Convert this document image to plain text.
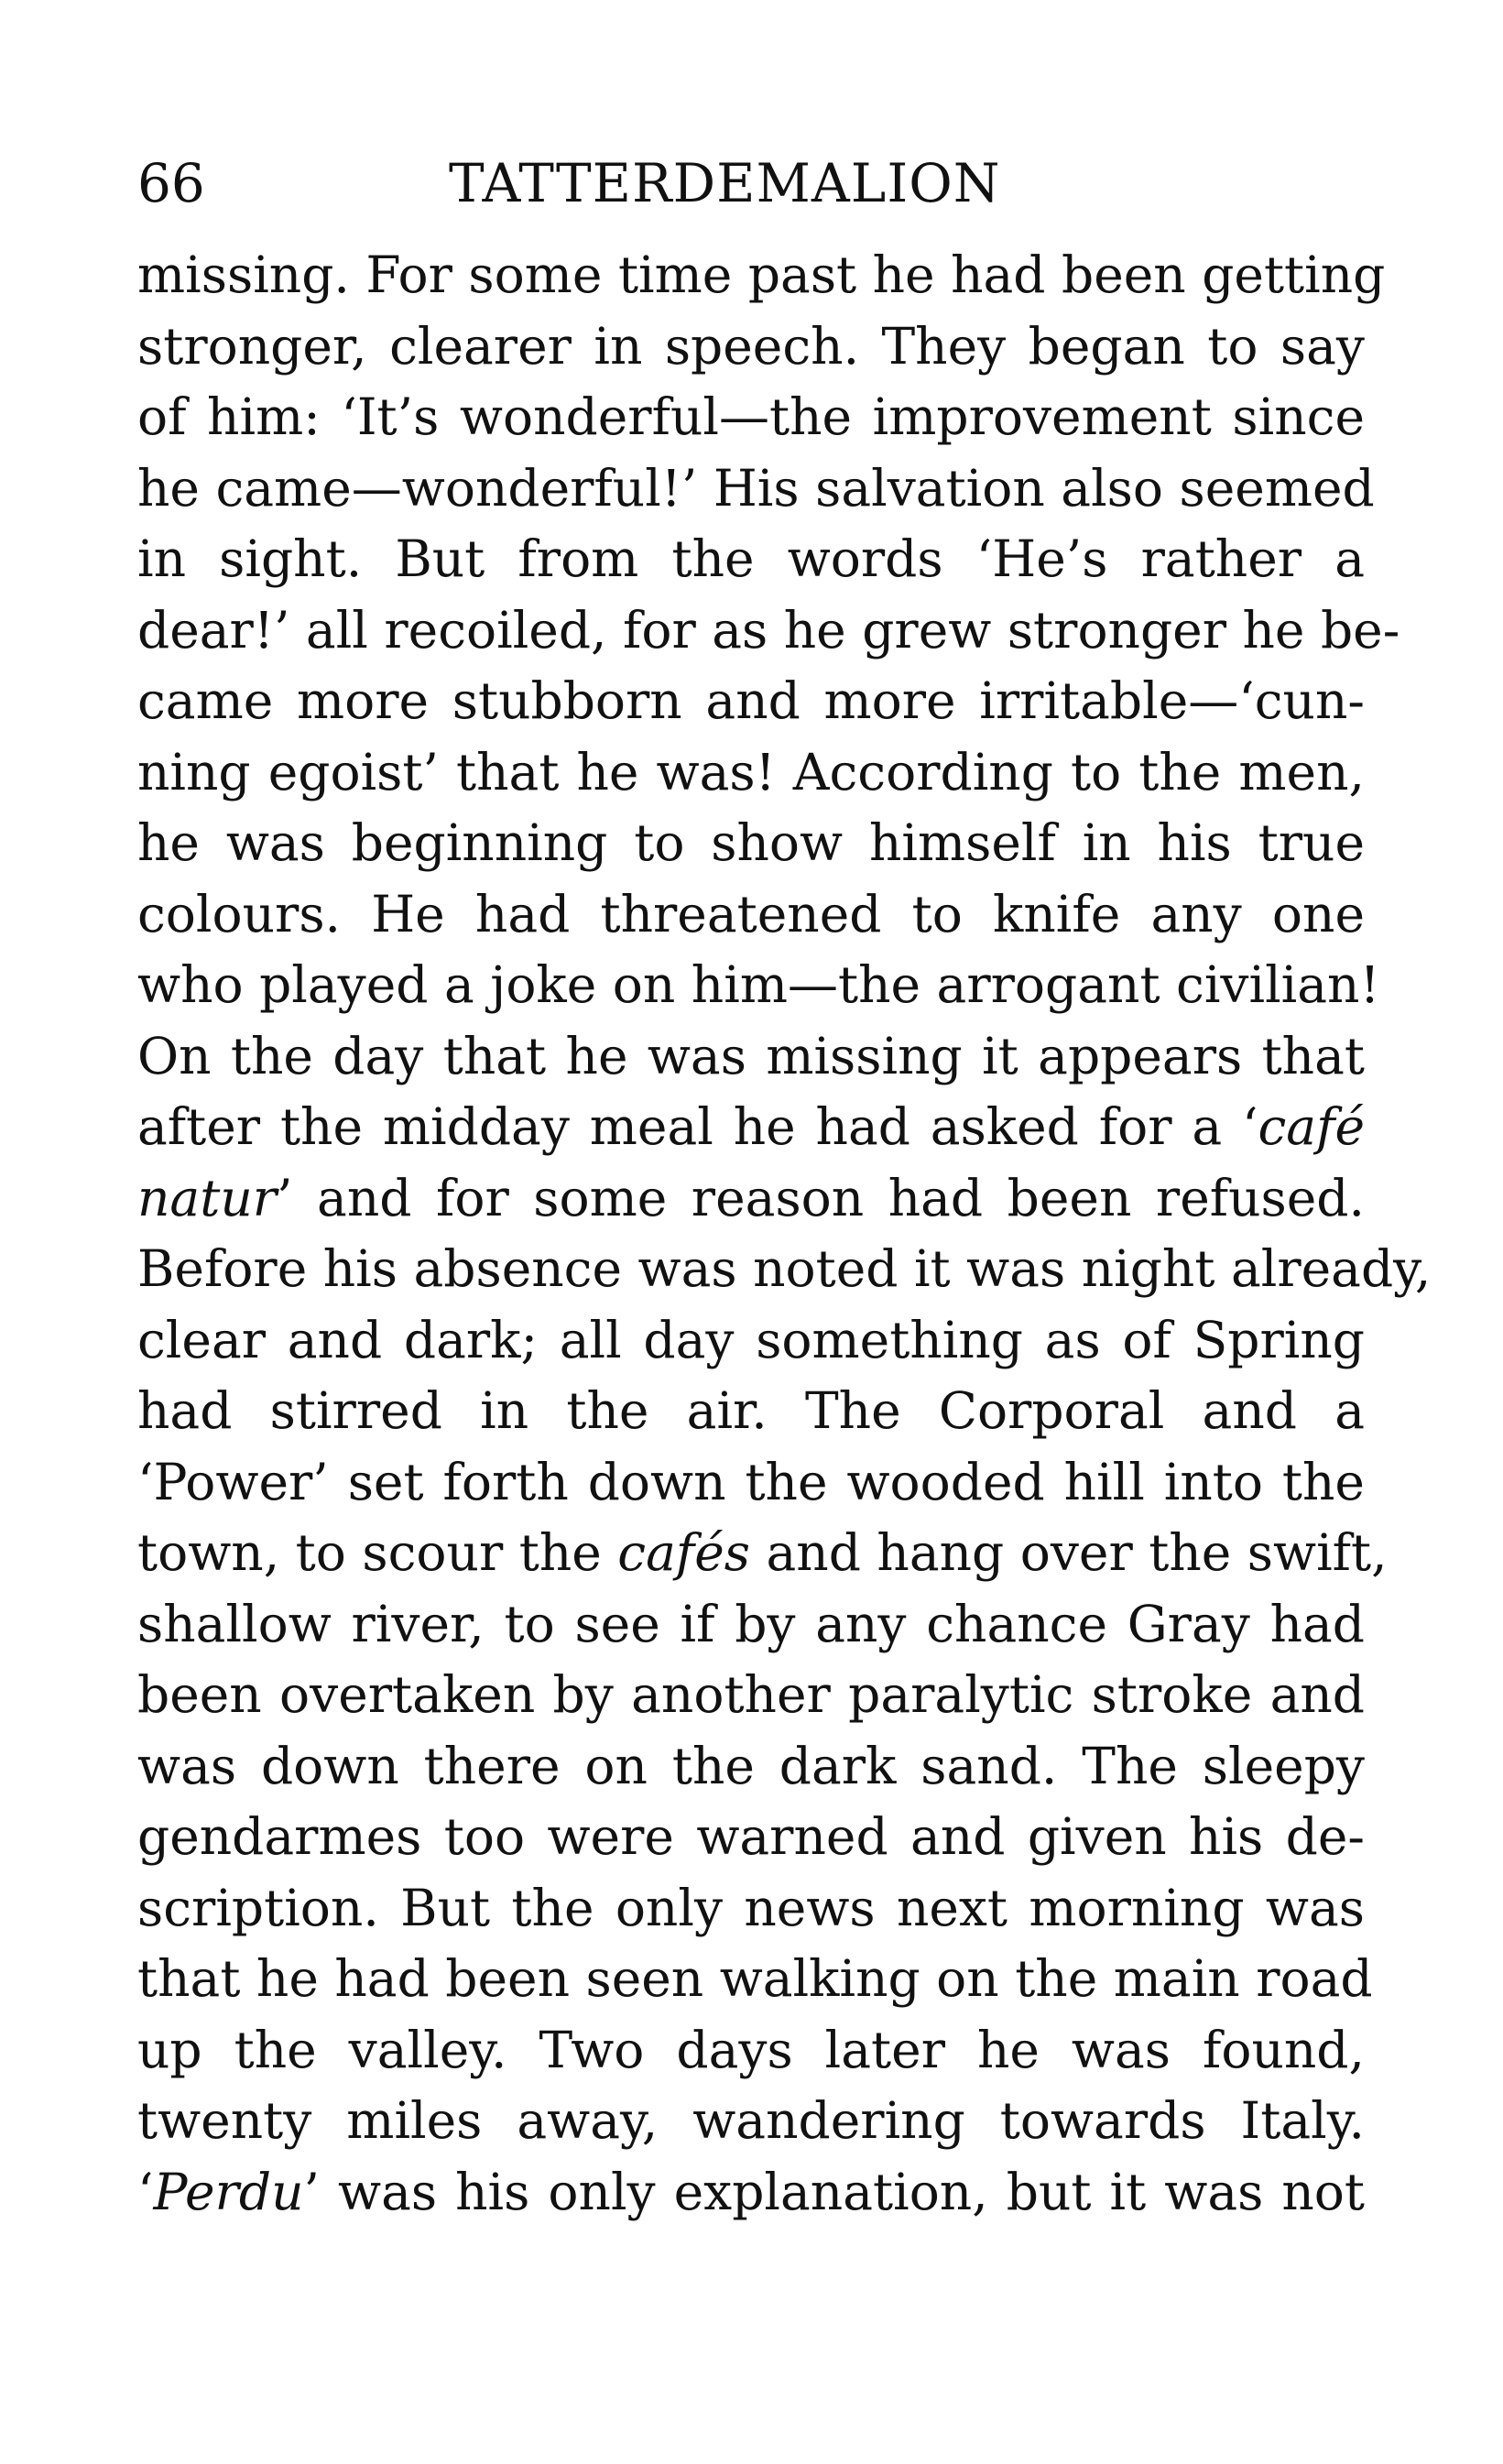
66	TATTERDEMALION
missing. For some time past he had been getting
stronger, clearer in speech. They began to say
of him: ‘It’s wonderful—the improvement since
he came—wonderful!’ His salvation also seemed
in sight. But from the words ‘He’s rather a
dear!’ all recoiled, for as he grew stronger he be-
came more stubborn and more irritable—‘cun-
ning egoist’ that he was! According to the men,
he was beginning to show himself in his true
colours. He had threatened to knife any one
who played a joke on him—the arrogant civilian!
On the day that he was missing it appears that
after the midday meal he had asked for a ‘café
natur’ and for some reason had been refused.
Before his absence was noted it was night already,
clear and dark; all day something as of Spring
had stirred in the air. The Corporal and a
‘Power’ set forth down the wooded hill into the
town, to scour the cafés and hang over the swift,
shallow river, to see if by any chance Gray had
been overtaken by another paralytic stroke and
was down there on the dark sand. The sleepy
gendarmes too were warned and given his de-
scription. But the only news next morning was
that he had been seen walking on the main road
up the valley. Two days later he was found,
twenty miles away, wandering towards Italy.
‘Perdu’ was his only explanation, but it was not
